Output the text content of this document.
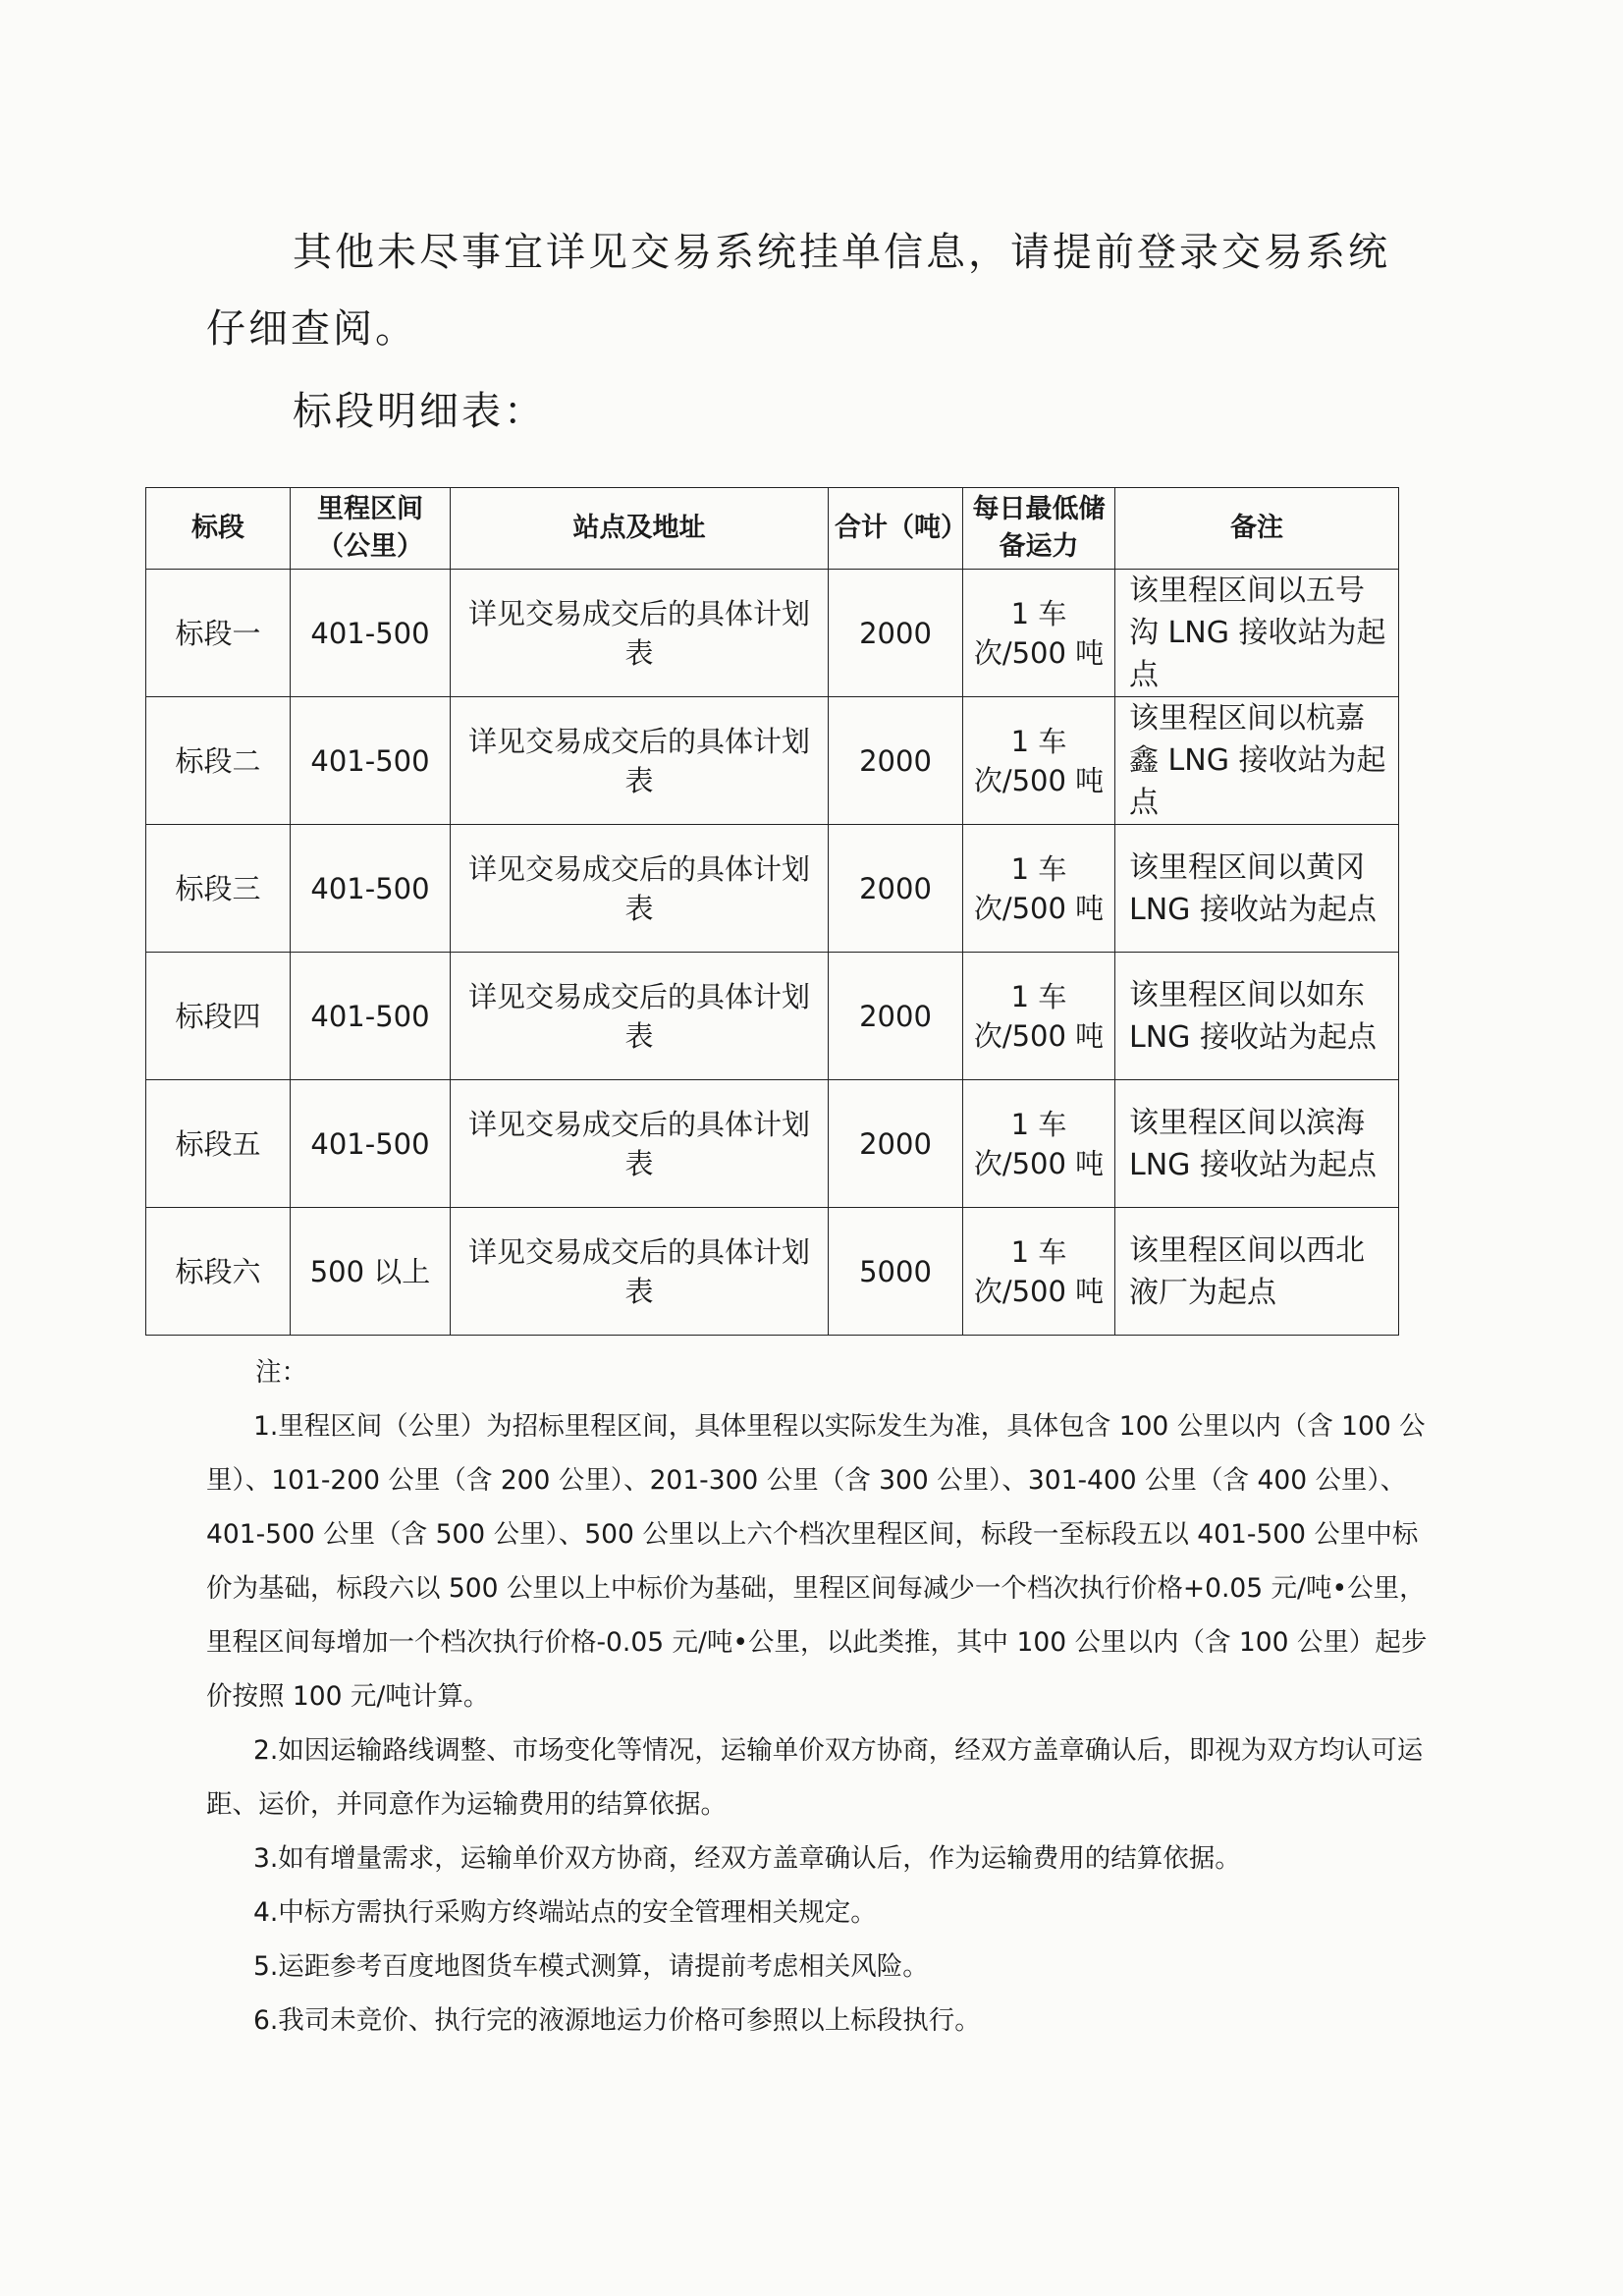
其他未尽事宜详见交易系统挂单信息，请提前登录交易系统仔细查阅。
标段明细表：
标段	里程区间（公里）	站点及地址	合计（吨）	每日最低储备运力	备注
标段一	401-500	详见交易成交后的具体计划表	2000	1 车次/500 吨	该里程区间以五号沟 LNG 接收站为起点
标段二	401-500	详见交易成交后的具体计划表	2000	1 车次/500 吨	该里程区间以杭嘉鑫 LNG 接收站为起点
标段三	401-500	详见交易成交后的具体计划表	2000	1 车次/500 吨	该里程区间以黄冈 LNG 接收站为起点
标段四	401-500	详见交易成交后的具体计划表	2000	1 车次/500 吨	该里程区间以如东 LNG 接收站为起点
标段五	401-500	详见交易成交后的具体计划表	2000	1 车次/500 吨	该里程区间以滨海 LNG 接收站为起点
标段六	500 以上	详见交易成交后的具体计划表	5000	1 车次/500 吨	该里程区间以西北液厂为起点
注：

1.里程区间（公里）为招标里程区间，具体里程以实际发生为准，具体包含 100 公里以内（含 100 公里）、101-200 公里（含 200 公里）、201-300 公里（含 300 公里）、301-400 公里（含 400 公里）、401-500 公里（含 500 公里）、500 公里以上六个档次里程区间，标段一至标段五以 401-500 公里中标价为基础，标段六以 500 公里以上中标价为基础，里程区间每减少一个档次执行价格+0.05 元/吨•公里，里程区间每增加一个档次执行价格-0.05 元/吨•公里，以此类推，其中 100 公里以内（含 100 公里）起步价按照 100 元/吨计算。

2.如因运输路线调整、市场变化等情况，运输单价双方协商，经双方盖章确认后，即视为双方均认可运距、运价，并同意作为运输费用的结算依据。

3.如有增量需求，运输单价双方协商，经双方盖章确认后，作为运输费用的结算依据。

4.中标方需执行采购方终端站点的安全管理相关规定。

5.运距参考百度地图货车模式测算，请提前考虑相关风险。

6.我司未竞价、执行完的液源地运力价格可参照以上标段执行。
